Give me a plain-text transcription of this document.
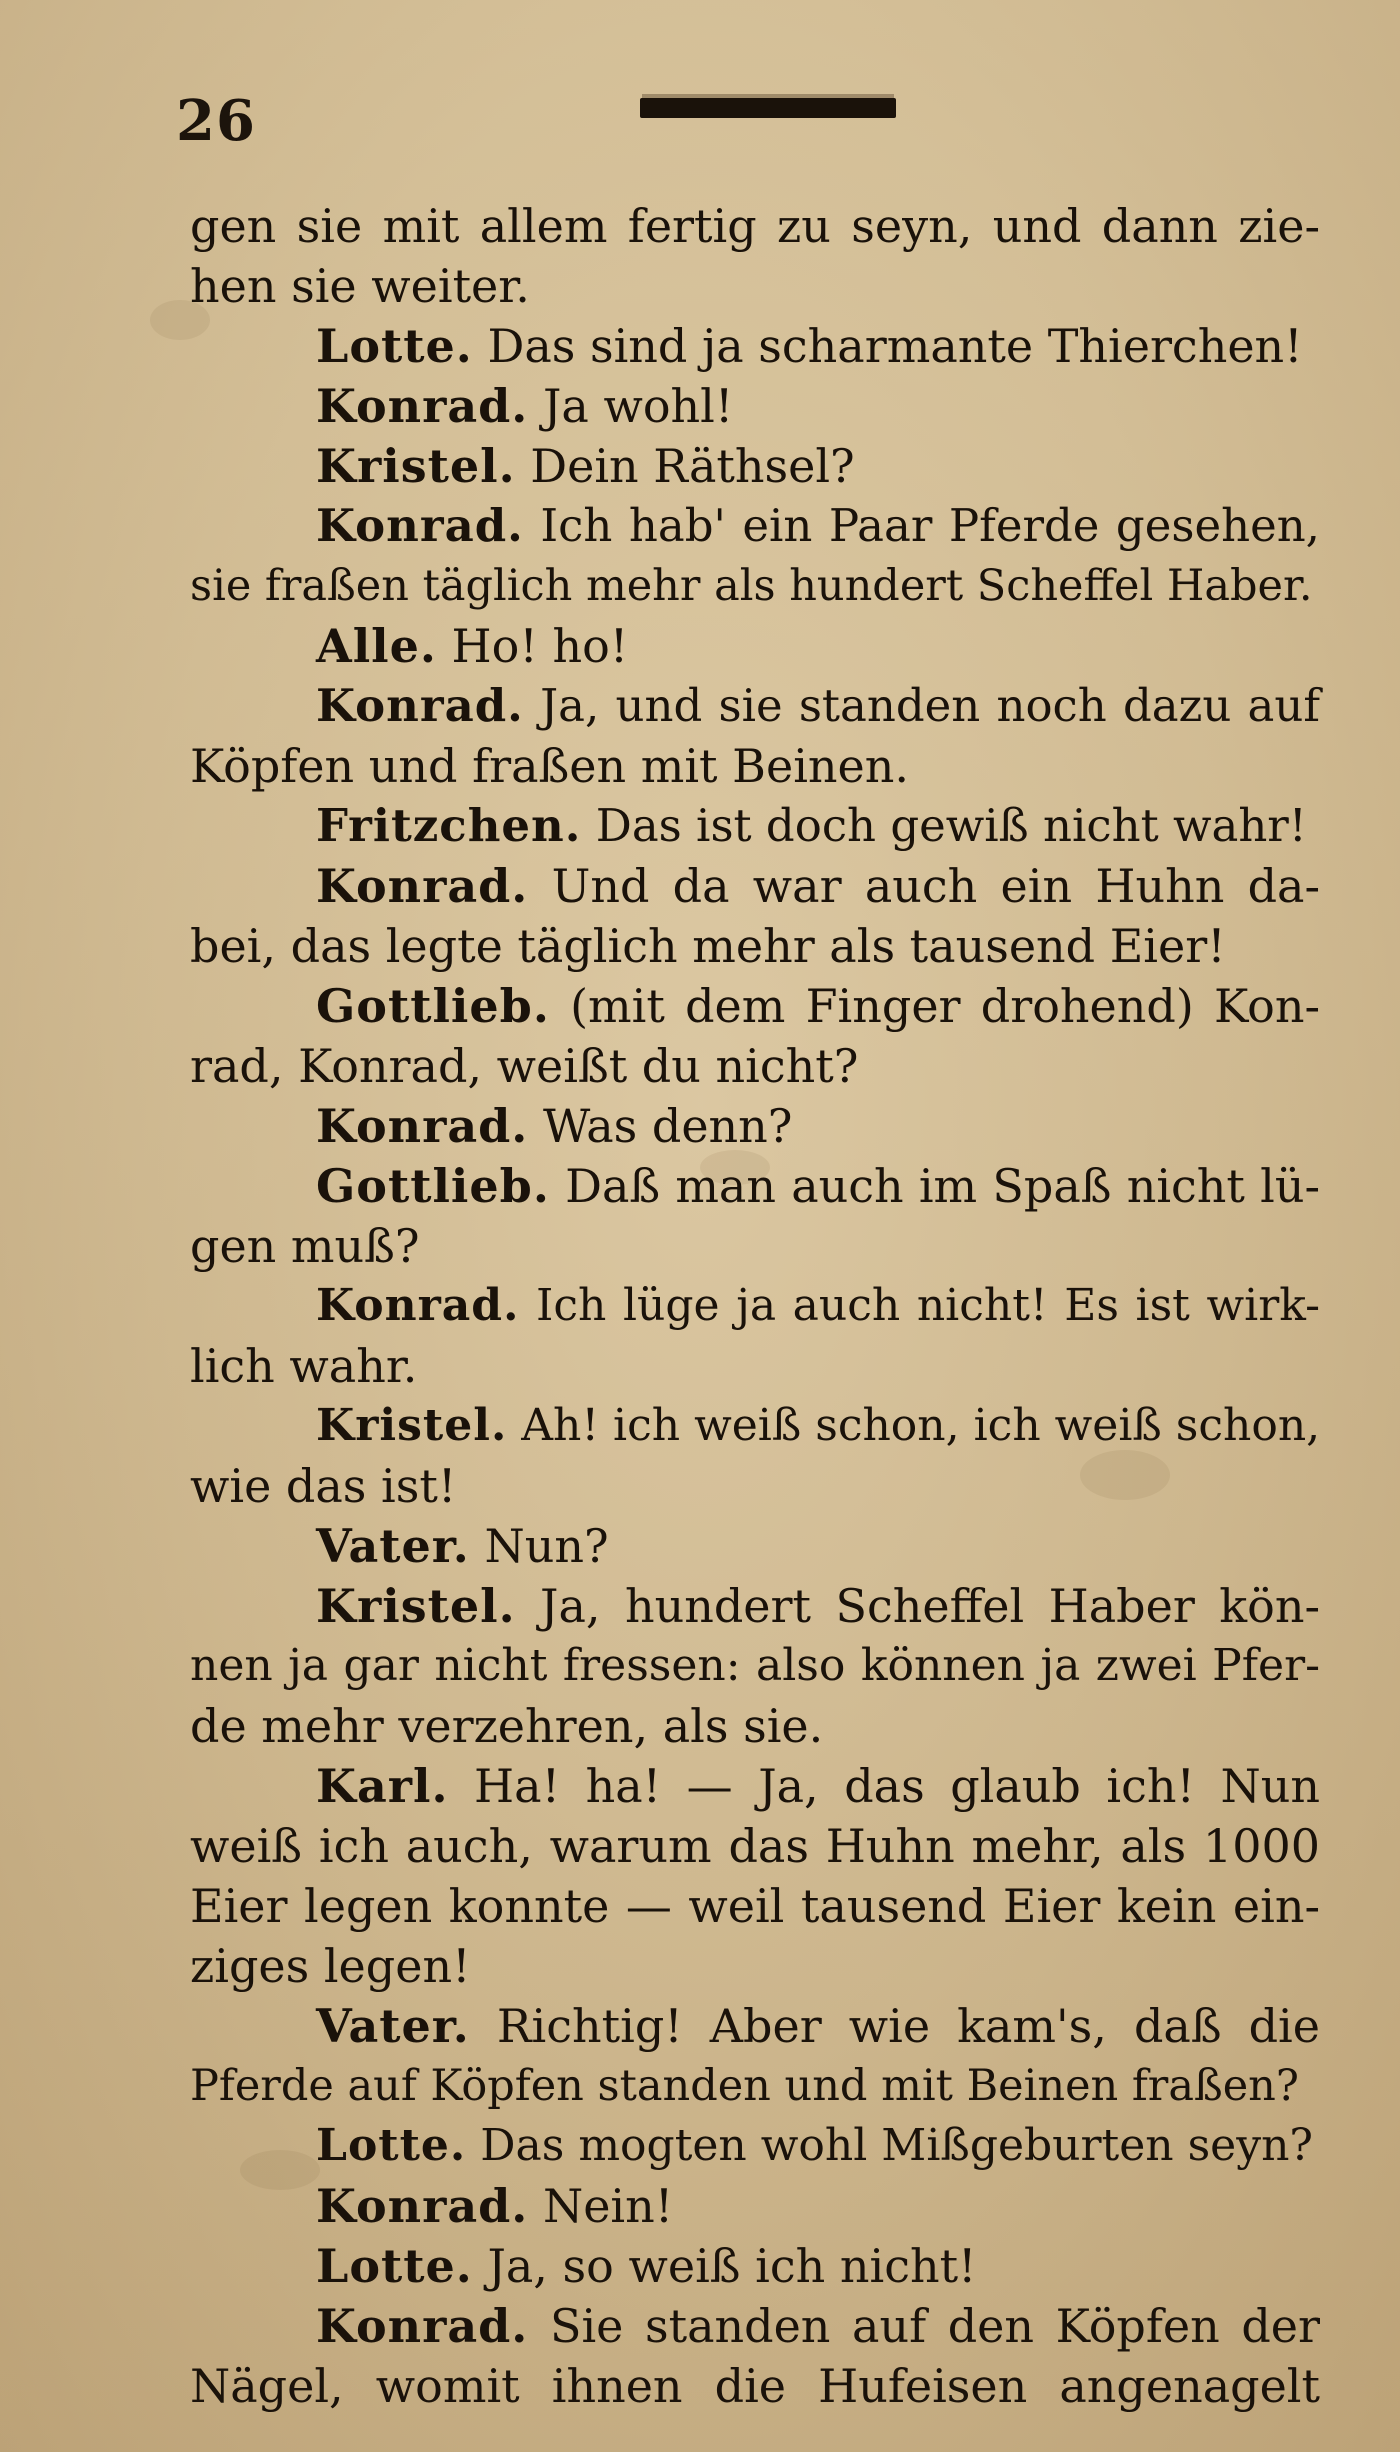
26
gen sie mit allem fertig zu seyn, und dann zie-
hen sie weiter.
Lotte. Das sind ja scharmante Thierchen!
Konrad. Ja wohl!
Kristel. Dein Räthsel?
Konrad. Ich hab' ein Paar Pferde gesehen,
sie fraßen täglich mehr als hundert Scheffel Haber.
Alle. Ho! ho!
Konrad. Ja, und sie standen noch dazu auf
Köpfen und fraßen mit Beinen.
Fritzchen. Das ist doch gewiß nicht wahr!
Konrad. Und da war auch ein Huhn da-
bei, das legte täglich mehr als tausend Eier!
Gottlieb. (mit dem Finger drohend) Kon-
rad, Konrad, weißt du nicht?
Konrad. Was denn?
Gottlieb. Daß man auch im Spaß nicht lü-
gen muß?
Konrad. Ich lüge ja auch nicht! Es ist wirk-
lich wahr.
Kristel. Ah! ich weiß schon, ich weiß schon,
wie das ist!
Vater. Nun?
Kristel. Ja, hundert Scheffel Haber kön-
nen ja gar nicht fressen: also können ja zwei Pfer-
de mehr verzehren, als sie.
Karl. Ha! ha! — Ja, das glaub ich! Nun
weiß ich auch, warum das Huhn mehr, als 1000
Eier legen konnte — weil tausend Eier kein ein-
ziges legen!
Vater. Richtig! Aber wie kam's, daß die
Pferde auf Köpfen standen und mit Beinen fraßen?
Lotte. Das mogten wohl Mißgeburten seyn?
Konrad. Nein!
Lotte. Ja, so weiß ich nicht!
Konrad. Sie standen auf den Köpfen der
Nägel, womit ihnen die Hufeisen angenagelt
